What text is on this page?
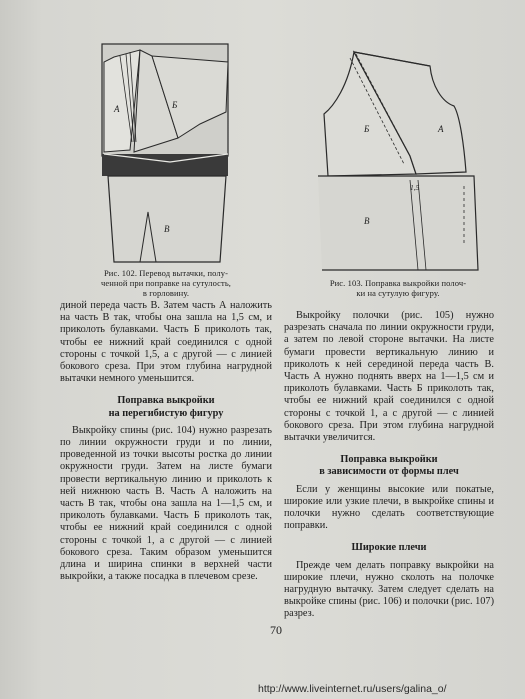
А	Б
В
Рис. 102. Перевод вытачки, полу-
ченной при поправке на сутулость,
в горловину.
Б	А
1,5
В
Рис. 103. Поправка выкройки полоч-
ки на сутулую фигуру.

диной переда часть В. Затем часть А наложить на часть В так, чтобы она зашла на 1,5 см, и приколоть булавками. Часть Б приколоть так, чтобы ее нижний край соединился с одной стороны с точкой 1,5, а с другой — с линией бокового среза. При этом глубина нагрудной вытачки немного уменьшится.

Поправка выкройки
на перегибистую фигуру

Выкройку спины (рис. 104) нужно разрезать по линии окружности груди и по линии, проведенной из точки высоты ростка до линии окружности груди. Затем на листе бумаги провести вертикальную линию и приколоть к ней нижнюю часть В. Часть А наложить на часть В так, чтобы она зашла на 1—1,5 см, и приколоть булавками. Часть Б приколоть так, чтобы ее нижний край соединился с одной стороны с точкой 1, а с другой — с линией бокового среза. Таким образом уменьшится длина и ширина спинки в верхней части выкройки, а также посадка в плечевом срезе.

Выкройку полочки (рис. 105) нужно разрезать сначала по линии окружности груди, а затем по левой стороне вытачки. На листе бумаги провести вертикальную линию и приколоть к ней серединой переда часть В. Часть А нужно поднять вверх на 1—1,5 см и приколоть булавками. Часть Б приколоть так, чтобы ее нижний край соединился с одной стороны с точкой 1, а с другой — с линией бокового среза. При этом глубина нагрудной вытачки увеличится.

Поправка выкройки
в зависимости от формы плеч

Если у женщины высокие или покатые, широкие или узкие плечи, в выкройке спины и полочки нужно сделать соответствующие поправки.

Широкие плечи

Прежде чем делать поправку выкройки на широкие плечи, нужно сколоть на полочке нагрудную вытачку. Затем следует сделать на выкройке спины (рис. 106) и полочки (рис. 107) разрез.

70
http://www.liveinternet.ru/users/galina_o/
